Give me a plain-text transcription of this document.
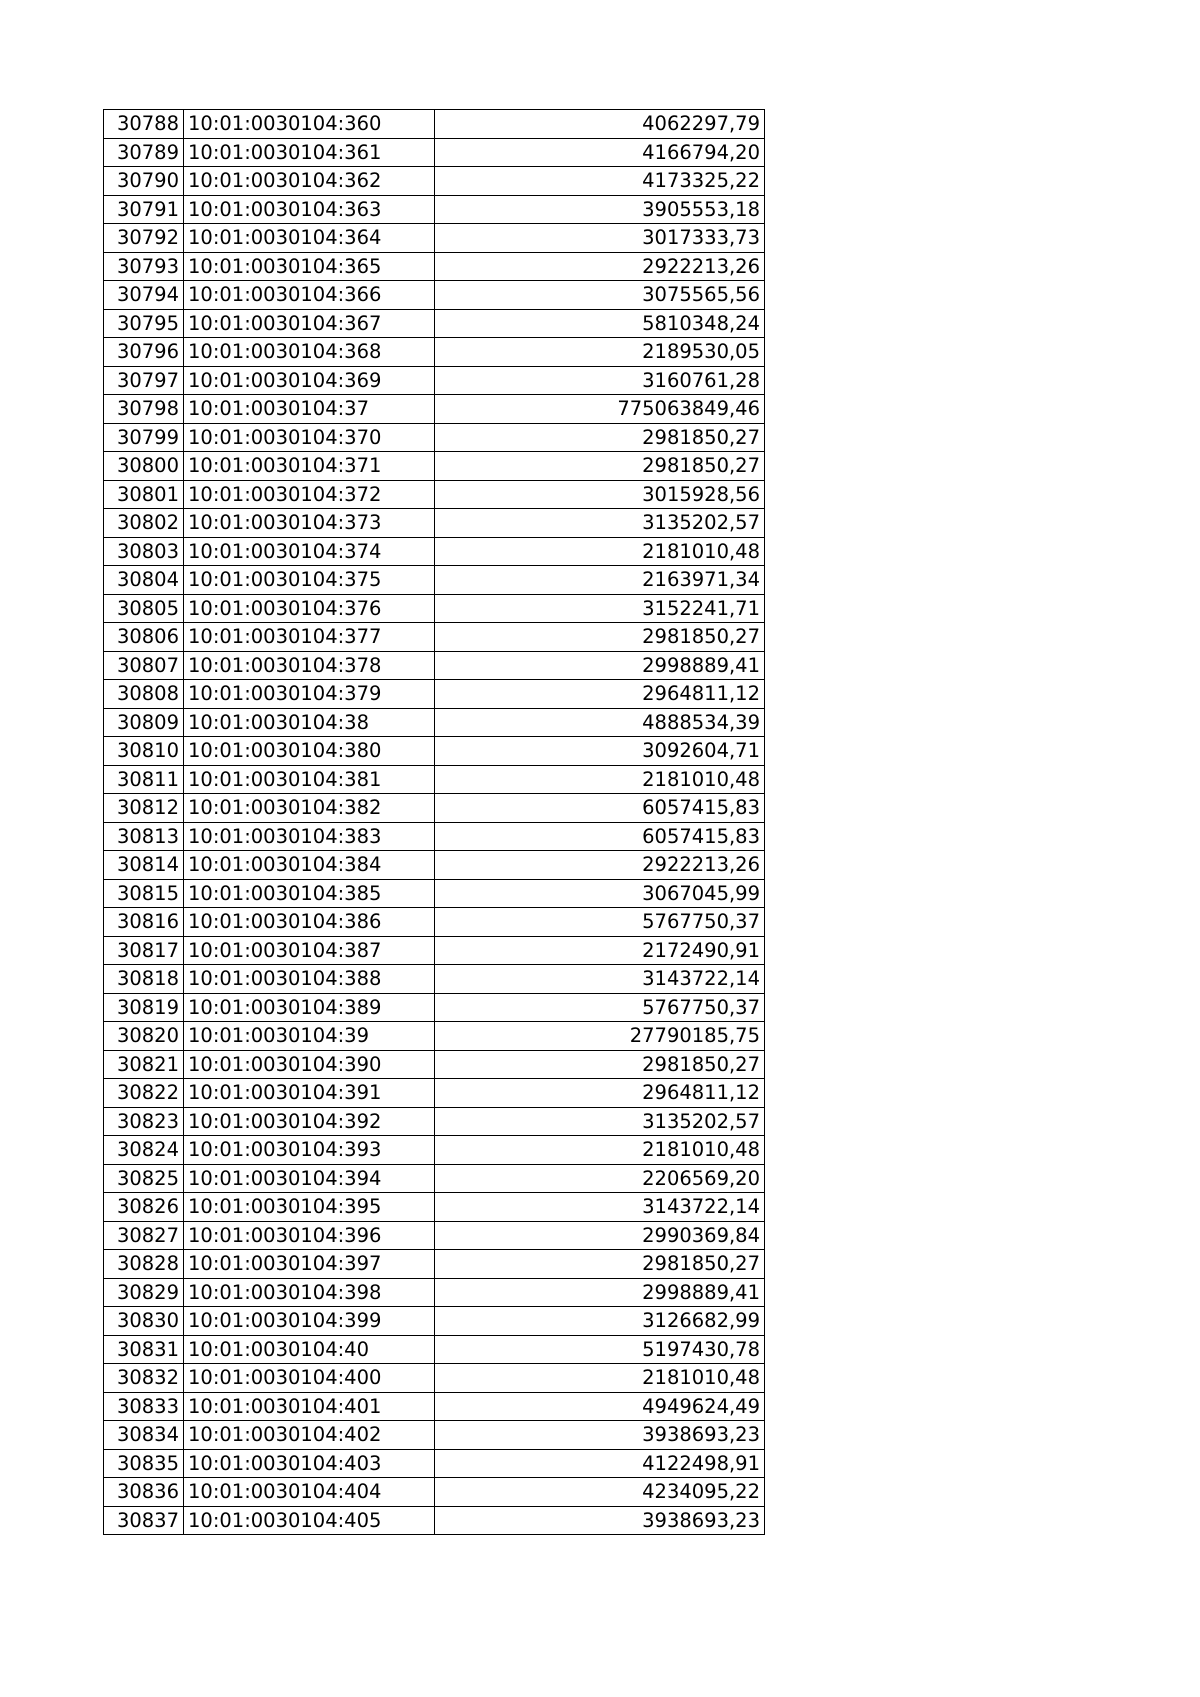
30788	10:01:0030104:360	4062297,79
30789	10:01:0030104:361	4166794,20
30790	10:01:0030104:362	4173325,22
30791	10:01:0030104:363	3905553,18
30792	10:01:0030104:364	3017333,73
30793	10:01:0030104:365	2922213,26
30794	10:01:0030104:366	3075565,56
30795	10:01:0030104:367	5810348,24
30796	10:01:0030104:368	2189530,05
30797	10:01:0030104:369	3160761,28
30798	10:01:0030104:37	775063849,46
30799	10:01:0030104:370	2981850,27
30800	10:01:0030104:371	2981850,27
30801	10:01:0030104:372	3015928,56
30802	10:01:0030104:373	3135202,57
30803	10:01:0030104:374	2181010,48
30804	10:01:0030104:375	2163971,34
30805	10:01:0030104:376	3152241,71
30806	10:01:0030104:377	2981850,27
30807	10:01:0030104:378	2998889,41
30808	10:01:0030104:379	2964811,12
30809	10:01:0030104:38	4888534,39
30810	10:01:0030104:380	3092604,71
30811	10:01:0030104:381	2181010,48
30812	10:01:0030104:382	6057415,83
30813	10:01:0030104:383	6057415,83
30814	10:01:0030104:384	2922213,26
30815	10:01:0030104:385	3067045,99
30816	10:01:0030104:386	5767750,37
30817	10:01:0030104:387	2172490,91
30818	10:01:0030104:388	3143722,14
30819	10:01:0030104:389	5767750,37
30820	10:01:0030104:39	27790185,75
30821	10:01:0030104:390	2981850,27
30822	10:01:0030104:391	2964811,12
30823	10:01:0030104:392	3135202,57
30824	10:01:0030104:393	2181010,48
30825	10:01:0030104:394	2206569,20
30826	10:01:0030104:395	3143722,14
30827	10:01:0030104:396	2990369,84
30828	10:01:0030104:397	2981850,27
30829	10:01:0030104:398	2998889,41
30830	10:01:0030104:399	3126682,99
30831	10:01:0030104:40	5197430,78
30832	10:01:0030104:400	2181010,48
30833	10:01:0030104:401	4949624,49
30834	10:01:0030104:402	3938693,23
30835	10:01:0030104:403	4122498,91
30836	10:01:0030104:404	4234095,22
30837	10:01:0030104:405	3938693,23
